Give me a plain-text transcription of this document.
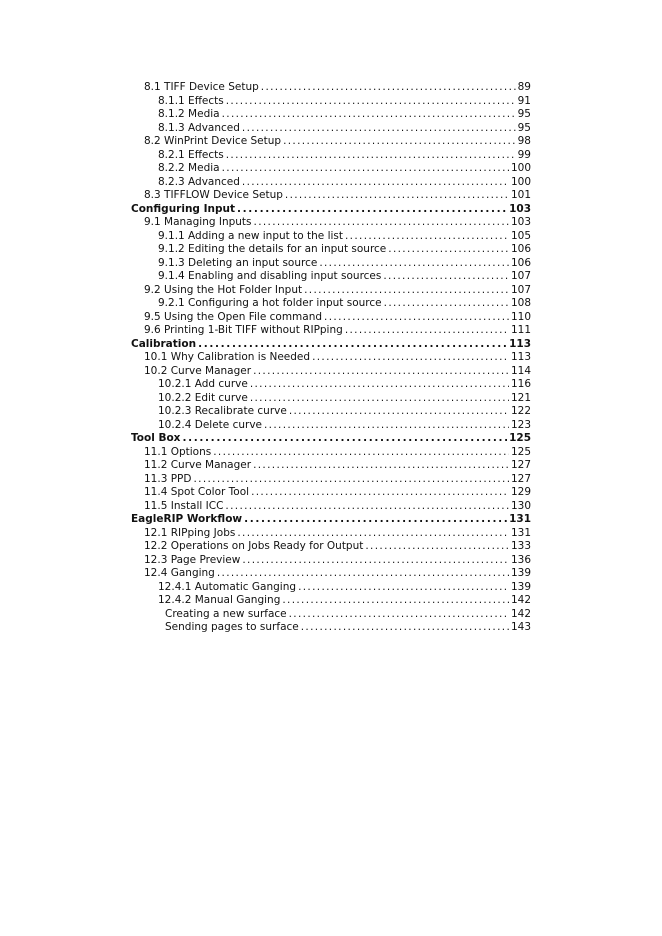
8.1 TIFF Device Setup . . .	89
8.1.1 Effects . . .	91
8.1.2 Media . . .	95
8.1.3 Advanced . . .	95
8.2 WinPrint Device Setup . . .	98
8.2.1 Effects . . .	99
8.2.2 Media . . .	100
8.2.3 Advanced . . .	100
8.3 TIFFLOW Device Setup . . .	101
Configuring Input . . .	103
9.1 Managing Inputs . . .	103
9.1.1 Adding a new input to the list . . .	105
9.1.2 Editing the details for an input source . . .	106
9.1.3 Deleting an input source . . .	106
9.1.4 Enabling and disabling input sources . . .	107
9.2 Using the Hot Folder Input . . .	107
9.2.1 Configuring a hot folder input source . . .	108
9.5 Using the Open File command . . .	110
9.6 Printing 1-Bit TIFF without RIPping . . .	111
Calibration . . .	113
10.1 Why Calibration is Needed . . .	113
10.2 Curve Manager . . .	114
10.2.1 Add curve . . .	116
10.2.2 Edit curve . . .	121
10.2.3 Recalibrate curve . . .	122
10.2.4 Delete curve . . .	123
Tool Box . . .	125
11.1 Options . . .	125
11.2 Curve Manager . . .	127
11.3 PPD . . .	127
11.4 Spot Color Tool . . .	129
11.5 Install ICC . . .	130
EagleRIP Workflow . . .	131
12.1 RIPping Jobs . . .	131
12.2 Operations on Jobs Ready for Output . . .	133
12.3 Page Preview . . .	136
12.4 Ganging . . .	139
12.4.1 Automatic Ganging . . .	139
12.4.2 Manual Ganging . . .	142
Creating a new surface . . .	142
Sending pages to surface . . .	143
